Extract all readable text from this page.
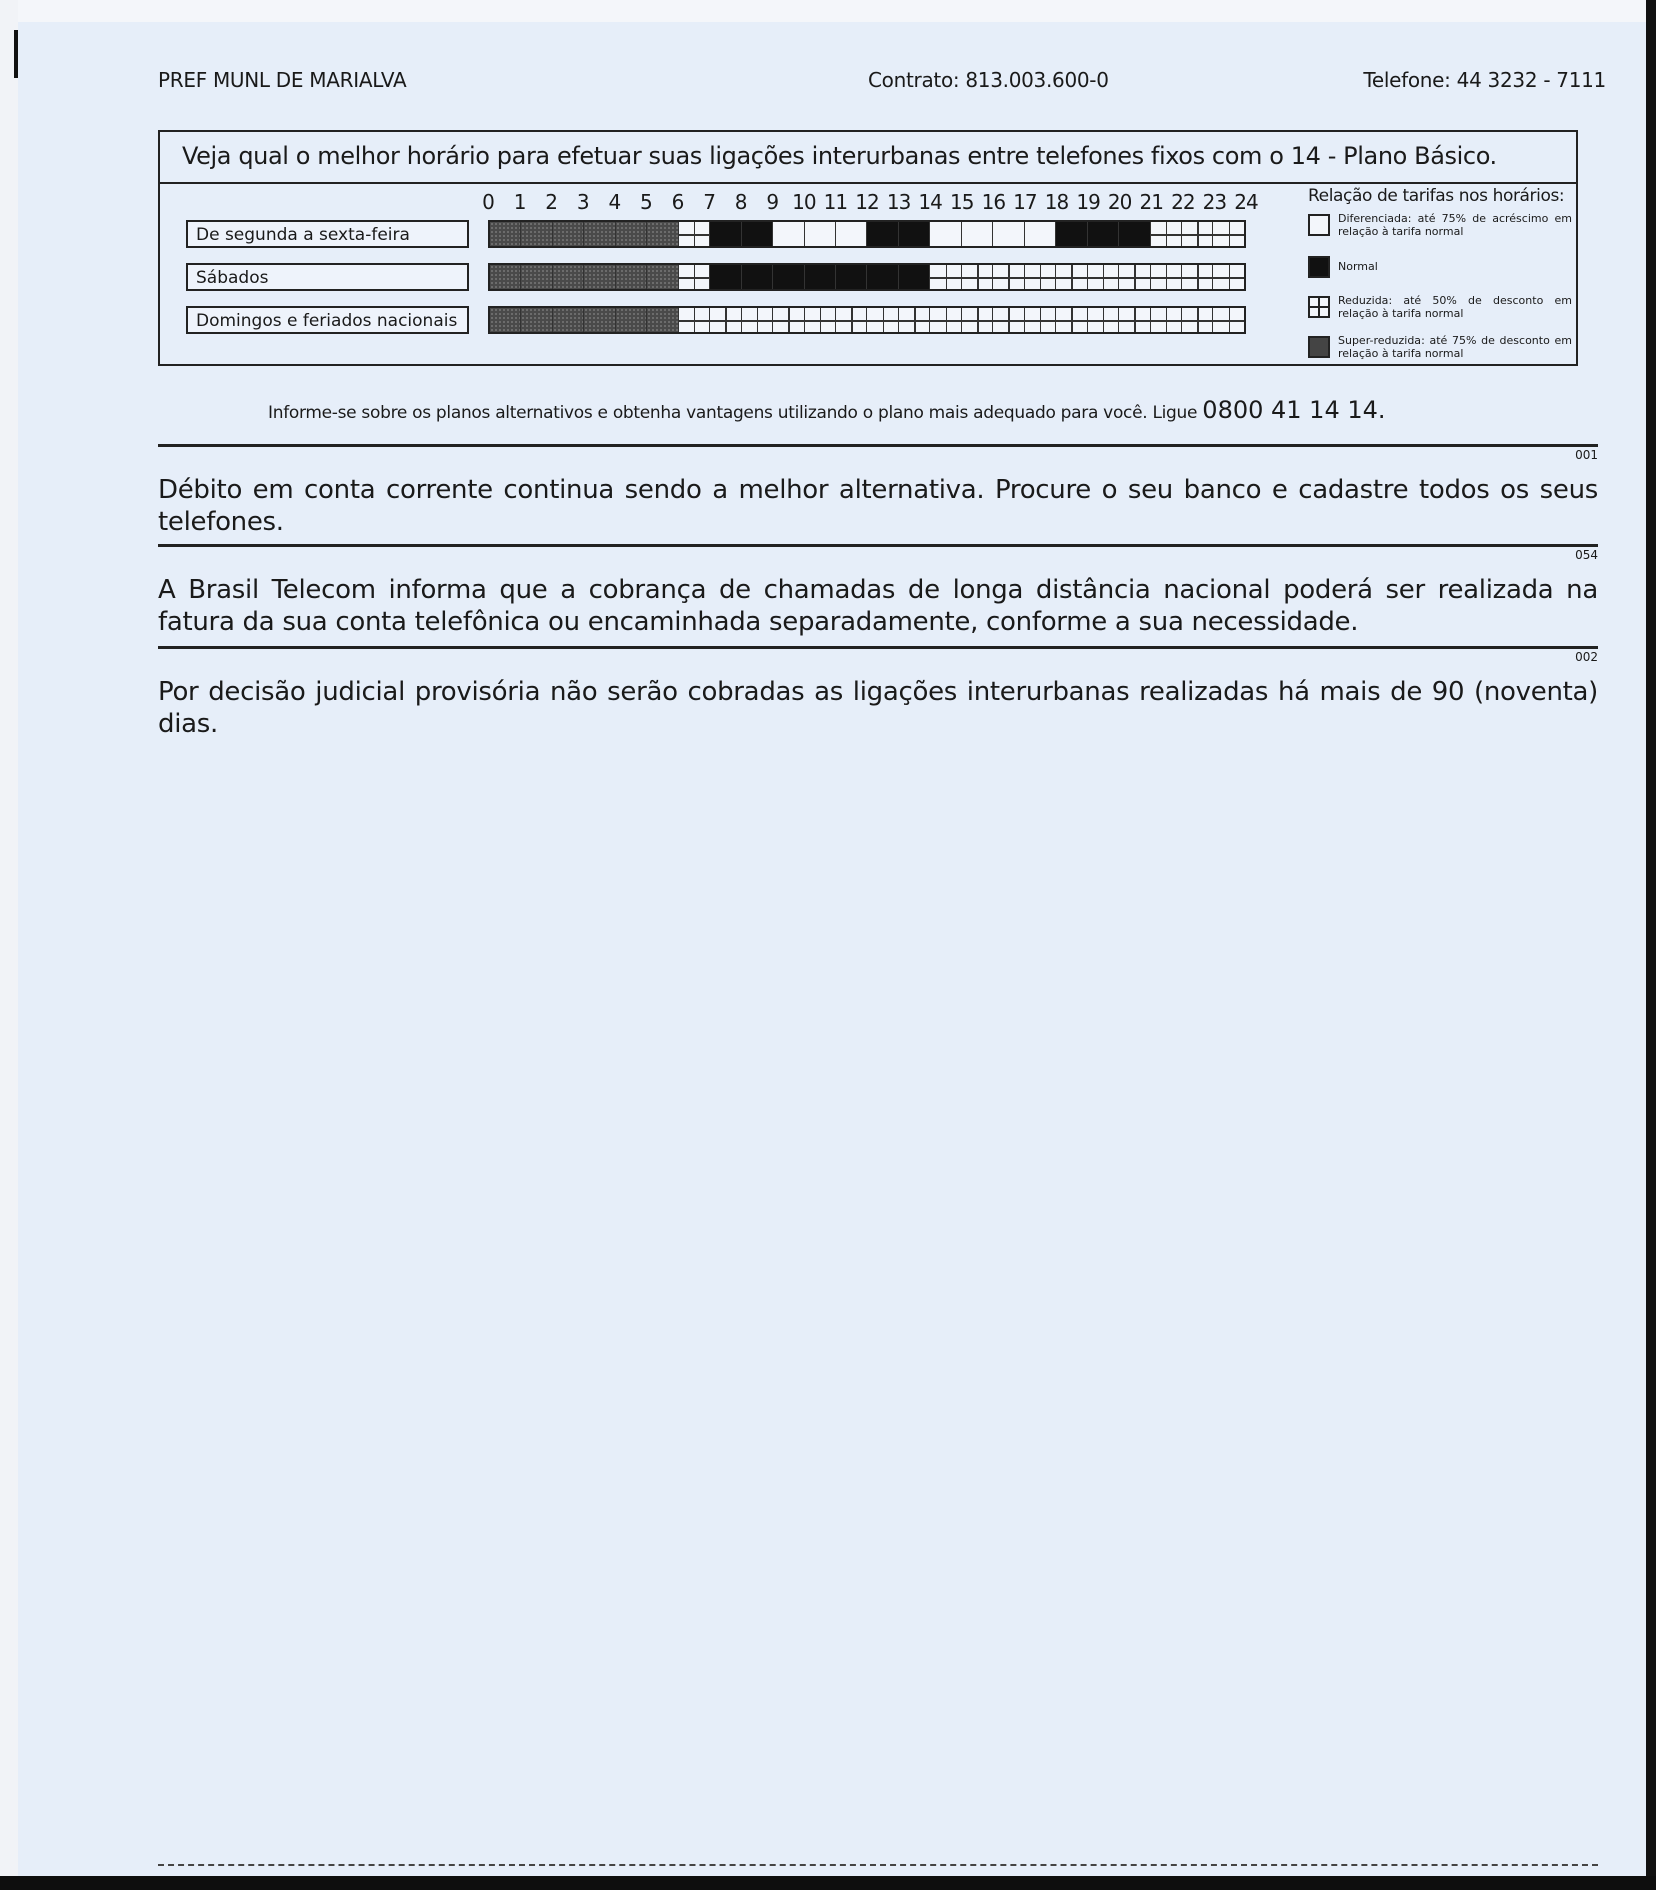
PREF MUNL DE MARIALVA	Contrato: 813.003.600-0	Telefone: 44 3232 - 7111
Veja qual o melhor horário para efetuar suas ligações interurbanas entre telefones fixos com o 14 - Plano Básico.
0 1 2 3 4 5 6 7 8 9 10 11 12 13 14 15 16 17 18 19 20 21 22 23 24
De segunda a sexta-feira
Sábados
Domingos e feriados nacionais
Relação de tarifas nos horários:
Diferenciada: até 75% de acréscimo em relação à tarifa normal
Normal
Reduzida: até 50% de desconto em relação à tarifa normal
Super-reduzida: até 75% de desconto em relação à tarifa normal
Informe-se sobre os planos alternativos e obtenha vantagens utilizando o plano mais adequado para você. Ligue 0800 41 14 14.
001
Débito em conta corrente continua sendo a melhor alternativa. Procure o seu banco e cadastre todos os seus telefones.
054
A Brasil Telecom informa que a cobrança de chamadas de longa distância nacional poderá ser realizada na fatura da sua conta telefônica ou encaminhada separadamente, conforme a sua necessidade.
002
Por decisão judicial provisória não serão cobradas as ligações interurbanas realizadas há mais de 90 (noventa) dias.
